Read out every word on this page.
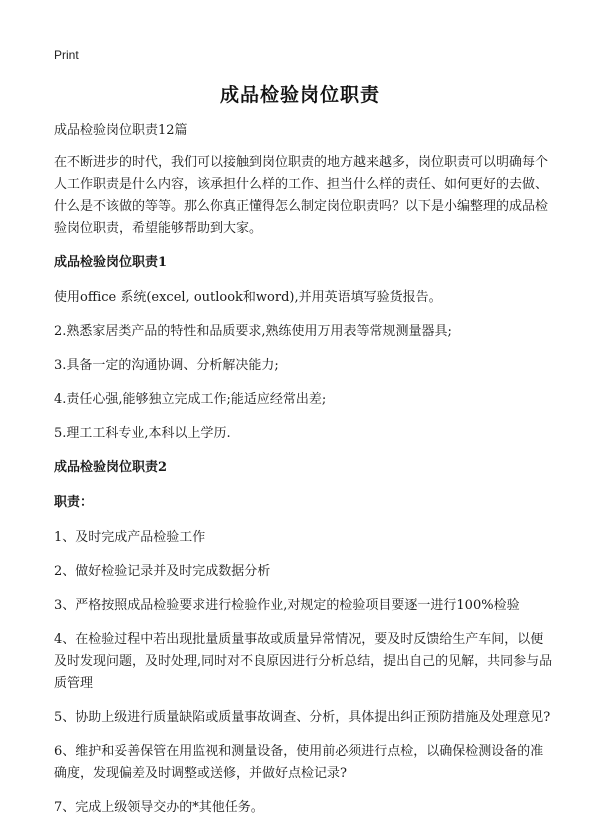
Print
成品检验岗位职责
成品检验岗位职责12篇
在不断进步的时代，我们可以接触到岗位职责的地方越来越多，岗位职责可以明确每个人工作职责是什么内容，该承担什么样的工作、担当什么样的责任、如何更好的去做、什么是不该做的等等。那么你真正懂得怎么制定岗位职责吗？以下是小编整理的成品检验岗位职责，希望能够帮助到大家。
成品检验岗位职责1
使用office 系统(excel, outlook和word),并用英语填写验货报告。
2.熟悉家居类产品的特性和品质要求,熟练使用万用表等常规测量器具;
3.具备一定的沟通协调、分析解决能力;
4.责任心强,能够独立完成工作;能适应经常出差;
5.理工工科专业,本科以上学历.
成品检验岗位职责2
职责：
1、及时完成产品检验工作
2、做好检验记录并及时完成数据分析
3、严格按照成品检验要求进行检验作业,对规定的检验项目要逐一进行100%检验
4、在检验过程中若出现批量质量事故或质量异常情况，要及时反馈给生产车间，以便及时发现问题，及时处理,同时对不良原因进行分析总结，提出自己的见解，共同参与品质管理
5、协助上级进行质量缺陷或质量事故调查、分析，具体提出纠正预防措施及处理意见?
6、维护和妥善保管在用监视和测量设备，使用前必须进行点检，以确保检测设备的准确度，发现偏差及时调整或送修，并做好点检记录?
7、完成上级领导交办的*其他任务。
